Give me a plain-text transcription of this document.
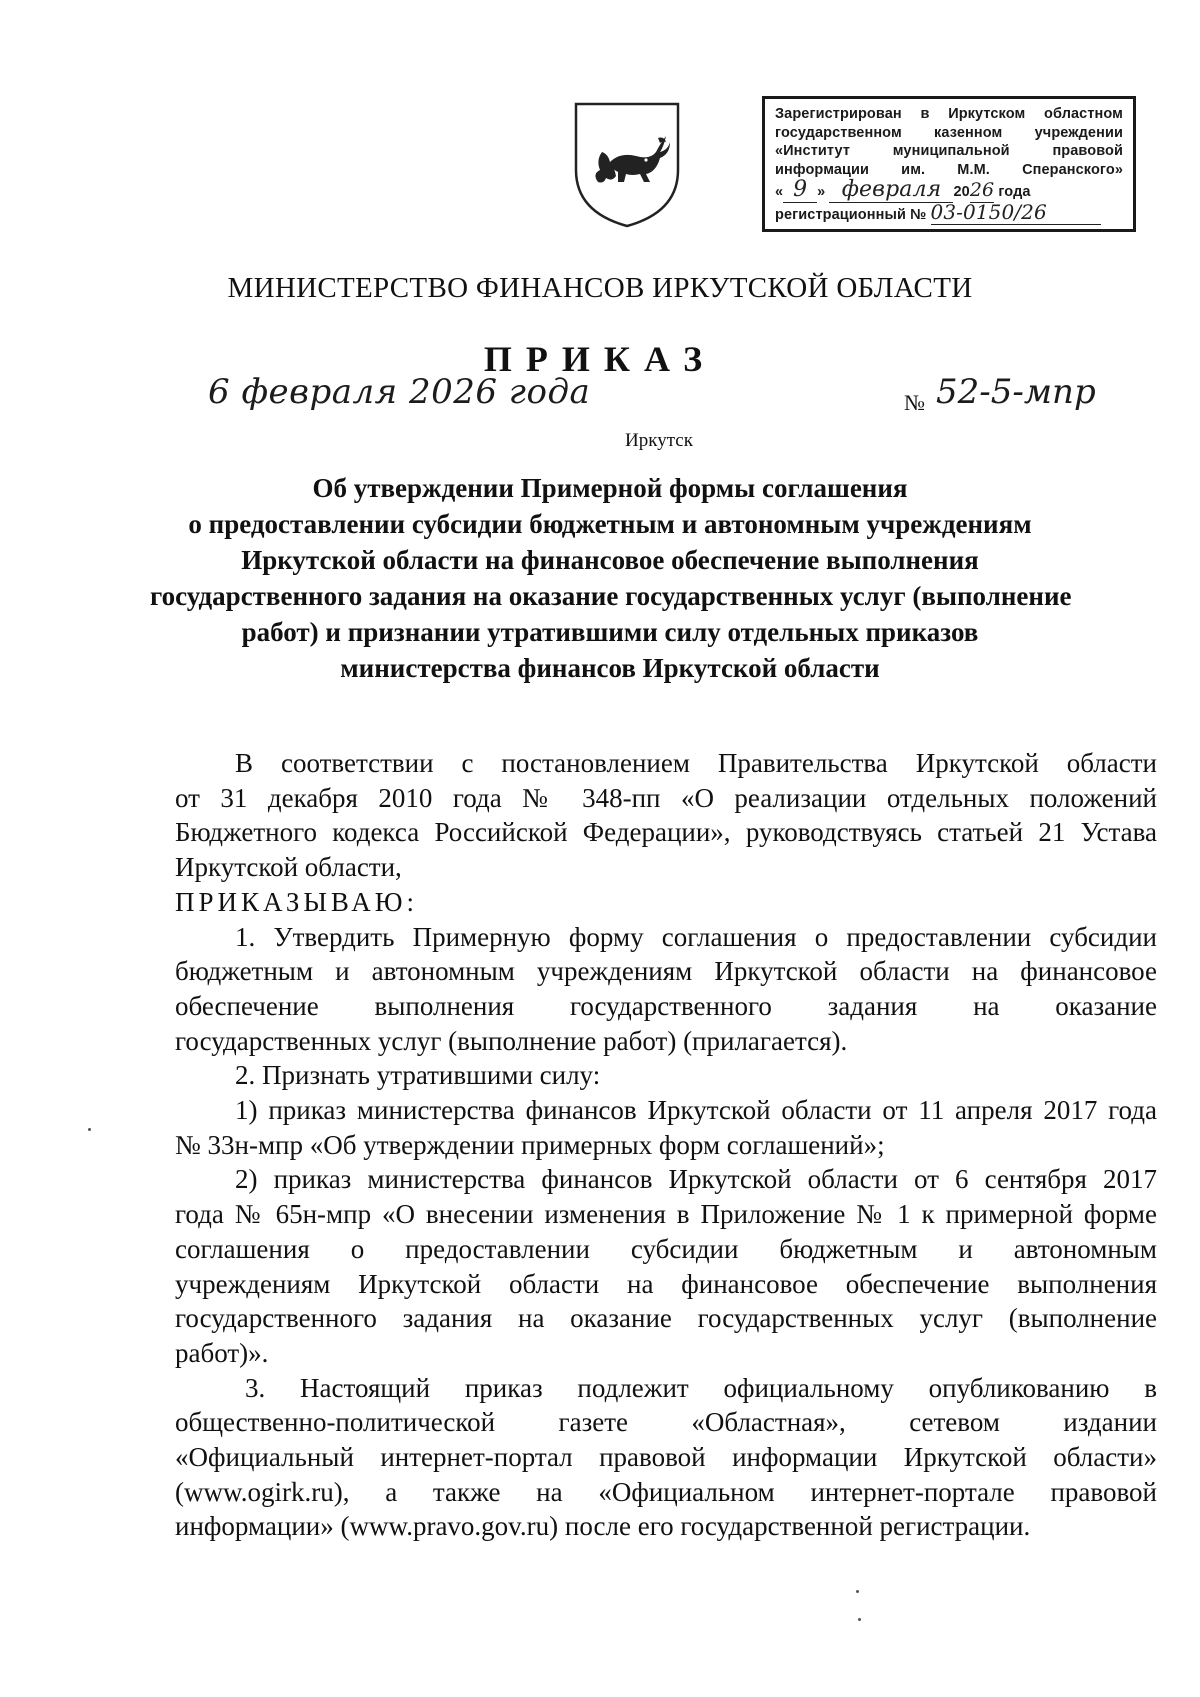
Зарегистрирован в Иркутском областном
государственном казенном учреждении
«Институт муниципальной правовой
информации им. М.М. Сперанского»
« 9 » февраля 2026 года
регистрационный № 03-0150/26
МИНИСТЕРСТВО ФИНАНСОВ ИРКУТСКОЙ ОБЛАСТИ
ПРИКАЗ
6 февраля 2026 года	№ 52-5-мпр
Иркутск
Об утверждении Примерной формы соглашения
о предоставлении субсидии бюджетным и автономным учреждениям
Иркутской области на финансовое обеспечение выполнения
государственного задания на оказание государственных услуг (выполнение
работ) и признании утратившими силу отдельных приказов
министерства финансов Иркутской области
В соответствии с постановлением Правительства Иркутской области
от 31 декабря 2010 года № 348-пп «О реализации отдельных положений
Бюджетного кодекса Российской Федерации», руководствуясь статьей 21 Устава
Иркутской области,
ПРИКАЗЫВАЮ:
1. Утвердить Примерную форму соглашения о предоставлении субсидии
бюджетным и автономным учреждениям Иркутской области на финансовое
обеспечение выполнения государственного задания на оказание
государственных услуг (выполнение работ) (прилагается).
2. Признать утратившими силу:
1) приказ министерства финансов Иркутской области от 11 апреля 2017 года
№ 33н-мпр «Об утверждении примерных форм соглашений»;
2) приказ министерства финансов Иркутской области от 6 сентября 2017
года № 65н-мпр «О внесении изменения в Приложение № 1 к примерной форме
соглашения о предоставлении субсидии бюджетным и автономным
учреждениям Иркутской области на финансовое обеспечение выполнения
государственного задания на оказание государственных услуг (выполнение
работ)».
3. Настоящий приказ подлежит официальному опубликованию в
общественно-политической газете «Областная», сетевом издании
«Официальный интернет-портал правовой информации Иркутской области»
(www.ogirk.ru), а также на «Официальном интернет-портале правовой
информации» (www.pravo.gov.ru) после его государственной регистрации.
